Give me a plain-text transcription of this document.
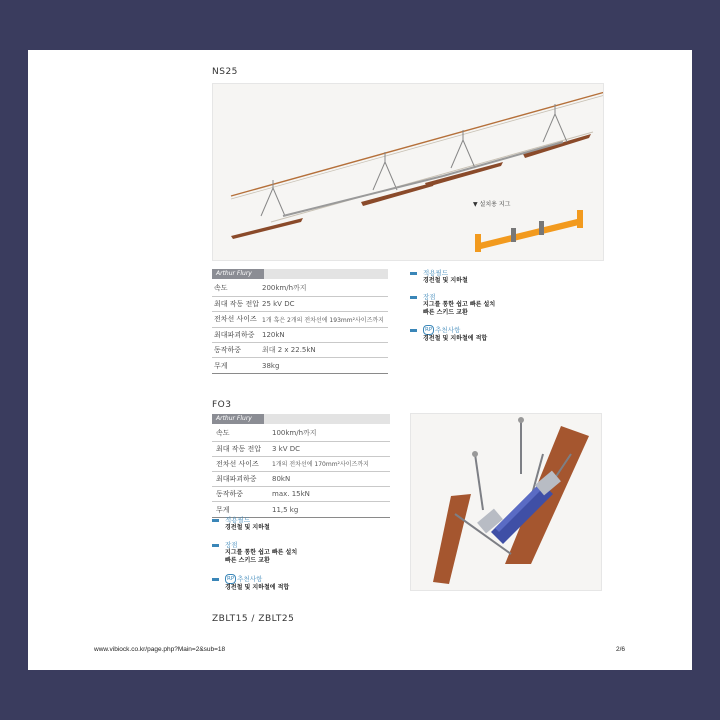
NS25
▼ 설치용 지그
Arthur Flury
속도	200km/h까지
최대 작동 전압	25 kV DC
전차선 사이즈	1개 혹은 2개의 전차선에 193mm²사이즈까지
최대파괴하중	120kN
동작하중	최대 2 x 22.5kN
무게	38kg
적용필드
경전철 및 지하철
장점
지그를 통한 쉽고 빠른 설치
빠른 스키드 교환
RP 추천사항
경전철 및 지하철에 적합
FO3
Arthur Flury
속도	100km/h까지
최대 작동 전압	3 kV DC
전차선 사이즈	1개의 전차선에 170mm²사이즈까지
최대파괴하중	80kN
동작하중	max. 15kN
무게	11,5 kg
적용필드
경전철 및 지하철
장점
지그를 통한 쉽고 빠른 설치
빠른 스키드 교환
RP 추천사항
경전철 및 지하철에 적합
ZBLT15 / ZBLT25
www.vibiock.co.kr/page.php?Main=2&sub=18	2/6
